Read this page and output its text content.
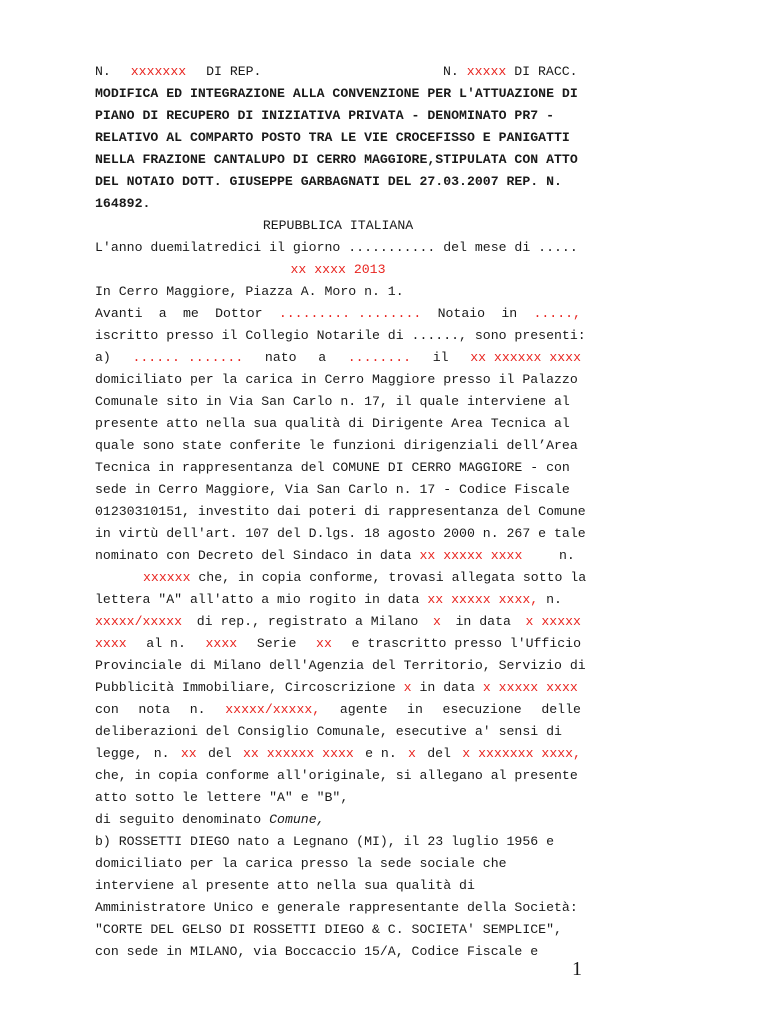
N. xxxxxxx DI REP.	N. xxxxx DI RACC.
MODIFICA ED INTEGRAZIONE ALLA CONVENZIONE PER L'ATTUAZIONE DI
PIANO DI RECUPERO DI INIZIATIVA PRIVATA - DENOMINATO PR7 -
RELATIVO AL COMPARTO POSTO TRA LE VIE CROCEFISSO E PANIGATTI
NELLA FRAZIONE CANTALUPO DI CERRO MAGGIORE,STIPULATA CON ATTO
DEL NOTAIO DOTT. GIUSEPPE GARBAGNATI DEL 27.03.2007 REP. N.
164892.
REPUBBLICA ITALIANA
L'anno duemilatredici il giorno ........... del mese di .....
xx xxxx 2013
In Cerro Maggiore, Piazza A. Moro n. 1.
Avanti a me Dottor ......... ........ Notaio in .....,
iscritto presso il Collegio Notarile di ......, sono presenti:
a) ...... ....... nato a ........ il xx xxxxxx xxxx
domiciliato per la carica in Cerro Maggiore presso il Palazzo
Comunale sito in Via San Carlo n. 17, il quale interviene al
presente atto nella sua qualità di Dirigente Area Tecnica al
quale sono state conferite le funzioni dirigenziali dell’Area
Tecnica in rappresentanza del COMUNE DI CERRO MAGGIORE - con
sede in Cerro Maggiore, Via San Carlo n. 17 - Codice Fiscale
01230310151, investito dai poteri di rappresentanza del Comune
in virtù dell'art. 107 del D.lgs. 18 agosto 2000 n. 267 e tale
nominato con Decreto del Sindaco in data xx xxxxx xxxx	n.
xxxxxx che, in copia conforme, trovasi allegata sotto la
lettera "A" all'atto a mio rogito in data xx xxxxx xxxx, n.
xxxxx/xxxxx di rep., registrato a Milano x in data x xxxxx
xxxx al n. xxxx Serie xx e trascritto presso l'Ufficio
Provinciale di Milano dell'Agenzia del Territorio, Servizio di
Pubblicità Immobiliare, Circoscrizione x in data x xxxxx xxxx
con nota n. xxxxx/xxxxx, agente in esecuzione delle
deliberazioni del Consiglio Comunale, esecutive a' sensi di
legge, n. xx del xx xxxxxx xxxx e n. x del x xxxxxxx xxxx,
che, in copia conforme all'originale, si allegano al presente
atto sotto le lettere "A" e "B",
di seguito denominato Comune,
b) ROSSETTI DIEGO nato a Legnano (MI), il 23 luglio 1956 e
domiciliato per la carica presso la sede sociale che
interviene al presente atto nella sua qualità di
Amministratore Unico e generale rappresentante della Società:
"CORTE DEL GELSO DI ROSSETTI DIEGO & C. SOCIETA' SEMPLICE",
con sede in MILANO, via Boccaccio 15/A, Codice Fiscale e
1
